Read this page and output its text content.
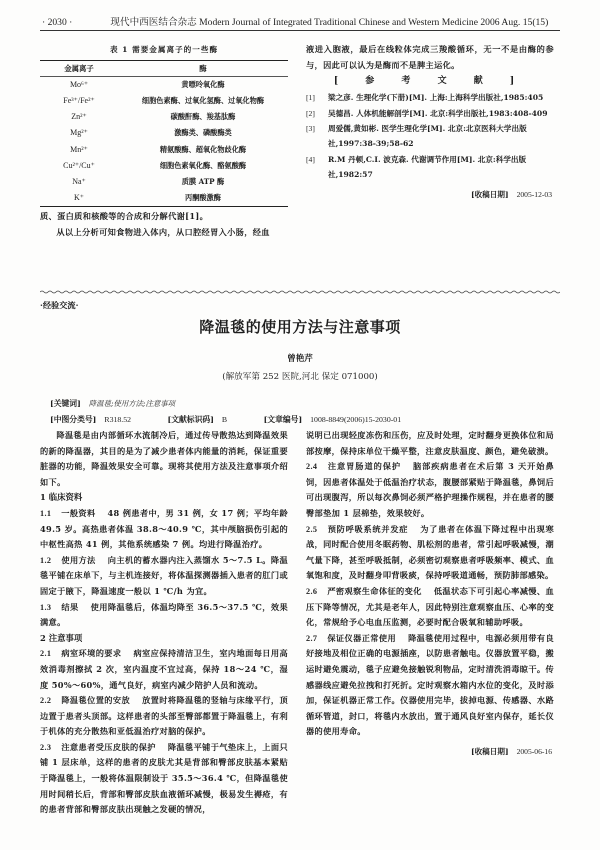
· 2030 ·	现代中西医结合杂志 Modern Journal of Integrated Traditional Chinese and Western Medicine 2006 Aug. 15(15)
表 1 需要金属离子的一些酶
金属离子	酶
Mo⁶⁺	黄嘌呤氧化酶
Fe³⁺/Fe²⁺	细胞色素酶、过氧化氢酶、过氧化物酶
Zn²⁺	碳酸酐酶、羧基肽酶
Mg²⁺	激酶类、磷酸酶类
Mn²⁺	精氨酸酶、超氧化物歧化酶
Cu²⁺/Cu⁺	细胞色素氧化酶、酪氨酸酶
Na⁺	质膜 ATP 酶
K⁺	丙酮酸激酶
质、蛋白质和核酸等的合成和分解代谢[1]。
从以上分析可知食物进入体内，从口腔经胃入小肠，经血
液进入胞液，最后在线粒体完成三羧酸循环，无一不是由酶的参与，因此可以认为是酶而不是脾主运化。
[ 参 考 文 献 ]
[1]	梁之彦. 生理化学(下册)[M]. 上海:上海科学出版社,1985:405
[2]	吴德昌. 人体机能解剖学[M]. 北京:科学出版社,1983:408-409
[3]	周爱儒,黄如彬. 医学生理化学[M]. 北京:北京医科大学出版社,1997:38-39;58-62
[4]	R.M 丹顿,C.I. 波克森. 代谢调节作用[M]. 北京:科学出版社,1982:57
[收稿日期] 2005-12-03
·经验交流·
降温毯的使用方法与注意事项
曾艳芹
(解放军第 252 医院,河北 保定 071000)
[关键词] 降温毯;使用方法;注意事项
[中图分类号] R318.52	[文献标识码] B	[文章编号] 1008-8849(2006)15-2030-01
降温毯是由内部循环水流制冷后，通过传导散热达到降温效果的新的降温器，其目的是为了减少患者体内能量的消耗，保证重要脏器的功能，降温效果安全可靠。现将其使用方法及注意事项介绍如下。
1 临床资料
1.1 一般资料 48 例患者中，男 31 例，女 17 例；平均年龄 49.5 岁。高热患者体温 38.8～40.9 ℃，其中颅脑损伤引起的中枢性高热 41 例，其他系统感染 7 例。均进行降温治疗。
1.2 使用方法 向主机的蓄水器内注入蒸馏水 5～7.5 L。降温毯平铺在床单下，与主机连接好，将体温探测器插入患者的肛门或固定于腋下，降温速度一般以 1 ℃/h 为宜。
1.3 结果 使用降温毯后，体温均降至 36.5～37.5 ℃，效果满意。
2 注意事项
2.1 病室环境的要求 病室应保持清洁卫生，室内地面每日用高效消毒剂擦拭 2 次，室内温度不宜过高，保持 18～24 ℃，湿度 50%～60%，通气良好，病室内减少陪护人员和流动。
2.2 降温毯位置的安放 放置时将降温毯的竖轴与床缘平行，顶边置于患者头顶部。这样患者的头部至臀部都置于降温毯上，有利于机体的充分散热和亚低温治疗对脑的保护。
2.3 注意患者受压皮肤的保护 降温毯平铺于气垫床上，上面只铺 1 层床单，这样的患者的皮肤尤其是背部和臀部皮肤基本紧贴于降温毯上，一般将体温限制设于 35.5～36.4 ℃，但降温毯使用时间稍长后，背部和臀部皮肤血液循环减慢，极易发生褥疮，有的患者背部和臀部皮肤出现触之发硬的情况，
说明已出现轻度冻伤和压伤，应及时处理，定时翻身更换体位和局部按摩，保持床单位干燥平整，注意皮肤温度、颜色，避免破溃。
2.4 注意胃肠道的保护 脑部疾病患者在术后第 3 天开始鼻饲，因患者体温处于低温治疗状态，腹腰部紧贴于降温毯，鼻饲后可出现腹泻，所以每次鼻饲必须严格护理操作规程，并在患者的腰臀部垫加 1 层棉垫，效果较好。
2.5 预防呼吸系统并发症 为了患者在体温下降过程中出现寒战，同时配合使用冬眠药物、肌松剂的患者，常引起呼吸减慢，潮气量下降，甚至呼吸抵制，必须密切观察患者呼吸频率、模式、血氧饱和度，及时翻身叩背吸痰，保持呼吸道通畅，预防肺部感染。
2.6 严密观察生命体征的变化 低温状态下可引起心率减慢、血压下降等情况，尤其是老年人，因此特别注意观察血压、心率的变化，常规给予心电血压监测，必要时配合吸氧和辅助呼吸。
2.7 保证仪器正常使用 降温毯使用过程中，电源必须用带有良好接地及相位正确的电源插座，以防患者触电。仪器放置平稳，搬运时避免震动，毯子应避免接触锐利物品，定时清洗消毒晾干。传感器线应避免拉拽和打死折。定时观察水箱内水位的变化，及时添加，保证机器正常工作。仪器使用完毕，拔掉电源、传感器、水路循环管道，封口，将毯内水放出，置于通风良好室内保存，延长仪器的使用寿命。
[收稿日期] 2005-06-16
